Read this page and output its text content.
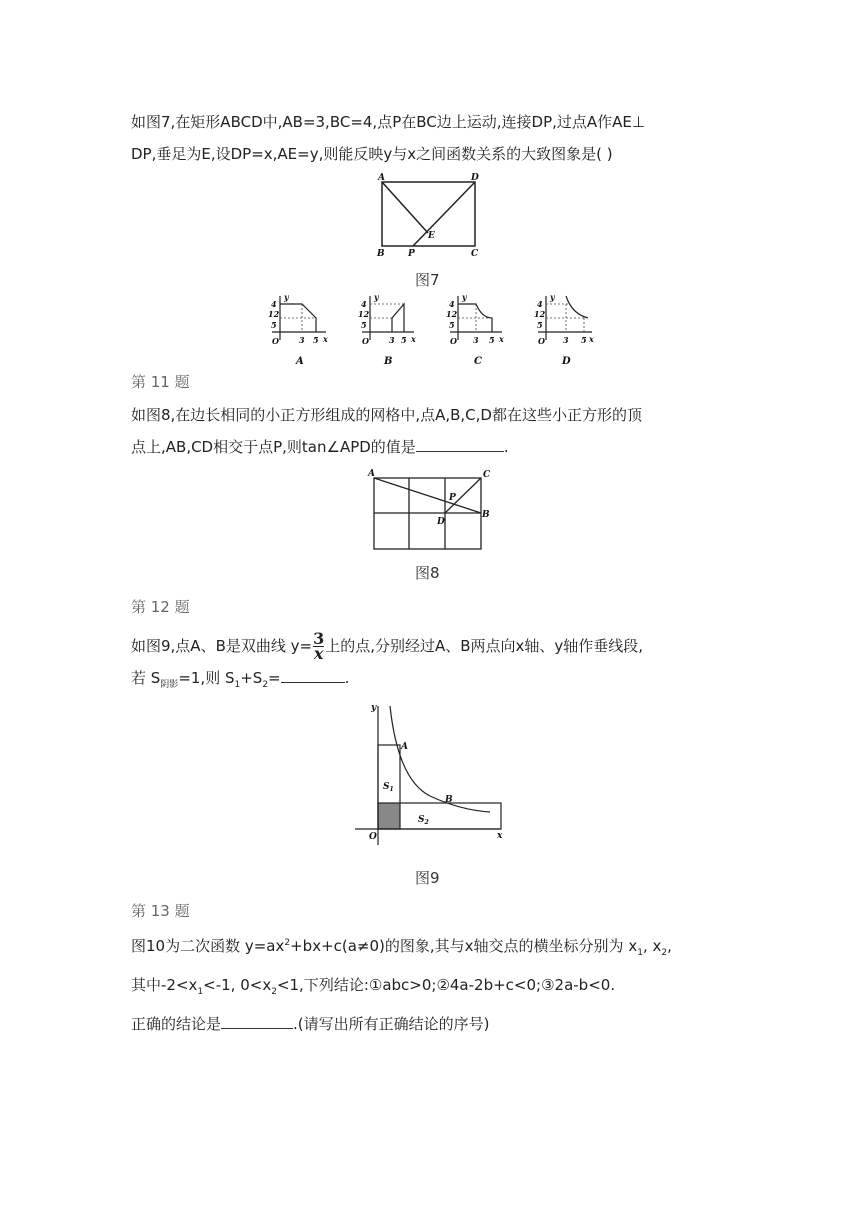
如图7,在矩形ABCD中,AB=3,BC=4,点P在BC边上运动,连接DP,过点A作AE⊥
DP,垂足为E,设DP=x,AE=y,则能反映y与x之间函数关系的大致图象是( )
A	D
B	P	C
E
图7
y
x
O
4
12
5
3 5
A
y
x
O
4
12
5
3 5
B
y
x
O
4
12
5
3 5
C
y
x
O
4
12
5
3 5
D
第 11 题
如图8,在边长相同的小正方形组成的网格中,点A,B,C,D都在这些小正方形的顶
点上,AB,CD相交于点P,则tan∠APD的值是	.
A	C
P
D
B
图8
第 12 题
如图9,点A、B是双曲线 $y= \frac{3}{x}$ 上的点,分别经过A、B两点向x轴、y轴作垂线段,
若 $S_{阴影}=1$,则 $S_1+S_2=$	.
y
x
O
A
B
$S_1$
$S_2$
图9
第 13 题
图10为二次函数 $y=ax^2+bx+c(a\ne 0)$的图象,其与x轴交点的横坐标分别为 $x_1$, $x_2$,
其中$-2<x_1<-1$, $0<x_2<1$,下列结论:①abc>0;②4a-2b+c<0;③2a-b<0.
正确的结论是	.(请写出所有正确结论的序号)
